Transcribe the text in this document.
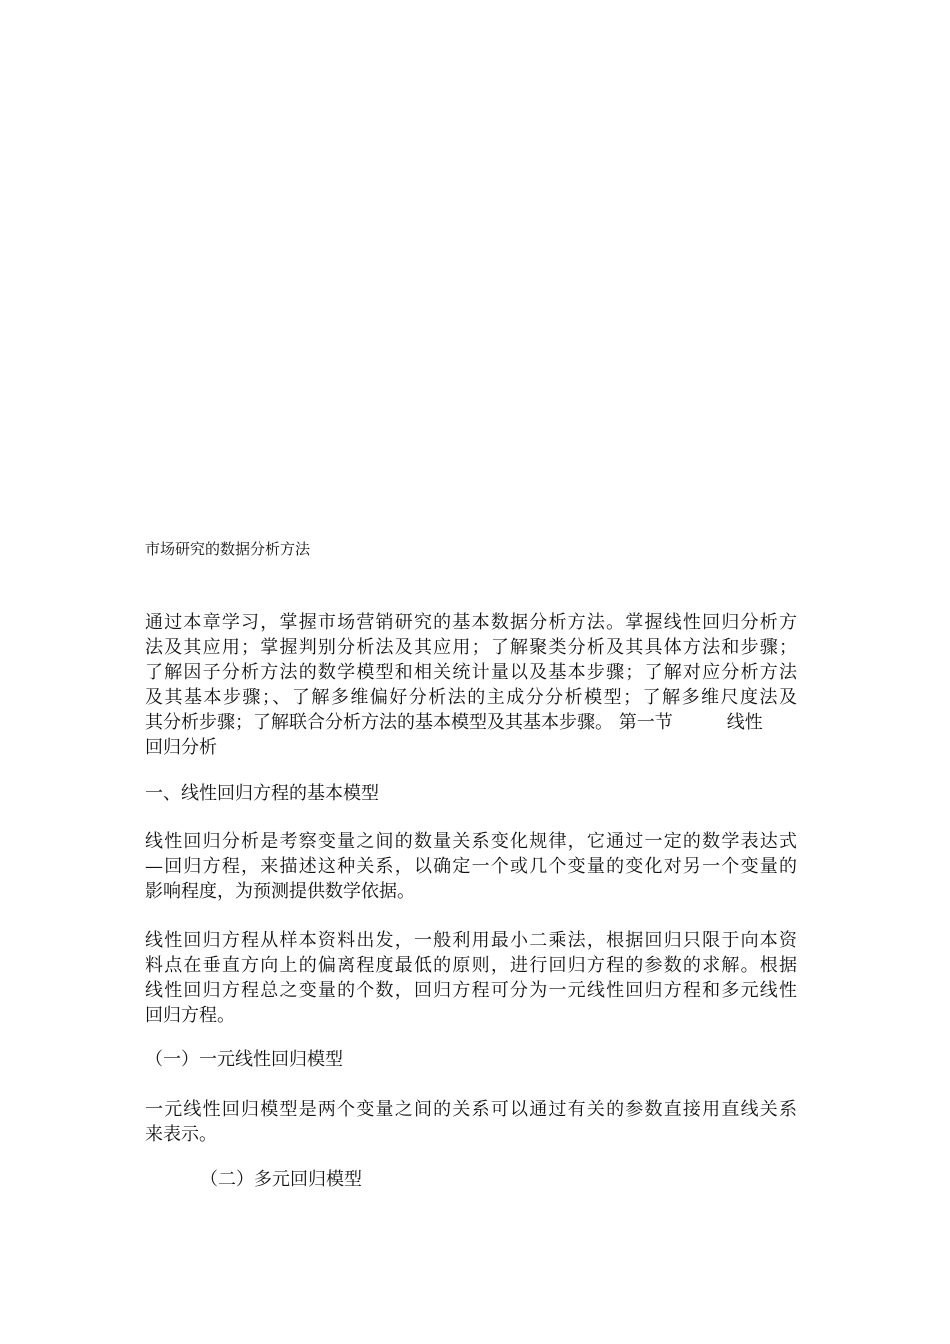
市场研究的数据分析方法

通过本章学习，掌握市场营销研究的基本数据分析方法。掌握线性回归分析方
法及其应用；掌握判别分析法及其应用；了解聚类分析及其具体方法和步骤；
了解因子分析方法的数学模型和相关统计量以及基本步骤；了解对应分析方法
及其基本步骤；、了解多维偏好分析法的主成分分析模型；了解多维尺度法及
其分析步骤；了解联合分析方法的基本模型及其基本步骤。 第一节　　　线性
回归分析

一、线性回归方程的基本模型

线性回归分析是考察变量之间的数量关系变化规律，它通过一定的数学表达式
—回归方程，来描述这种关系，以确定一个或几个变量的变化对另一个变量的
影响程度，为预测提供数学依据。

线性回归方程从样本资料出发，一般利用最小二乘法，根据回归只限于向本资
料点在垂直方向上的偏离程度最低的原则，进行回归方程的参数的求解。根据
线性回归方程总之变量的个数，回归方程可分为一元线性回归方程和多元线性
回归方程。

（一）一元线性回归模型

一元线性回归模型是两个变量之间的关系可以通过有关的参数直接用直线关系
来表示。

（二）多元回归模型
